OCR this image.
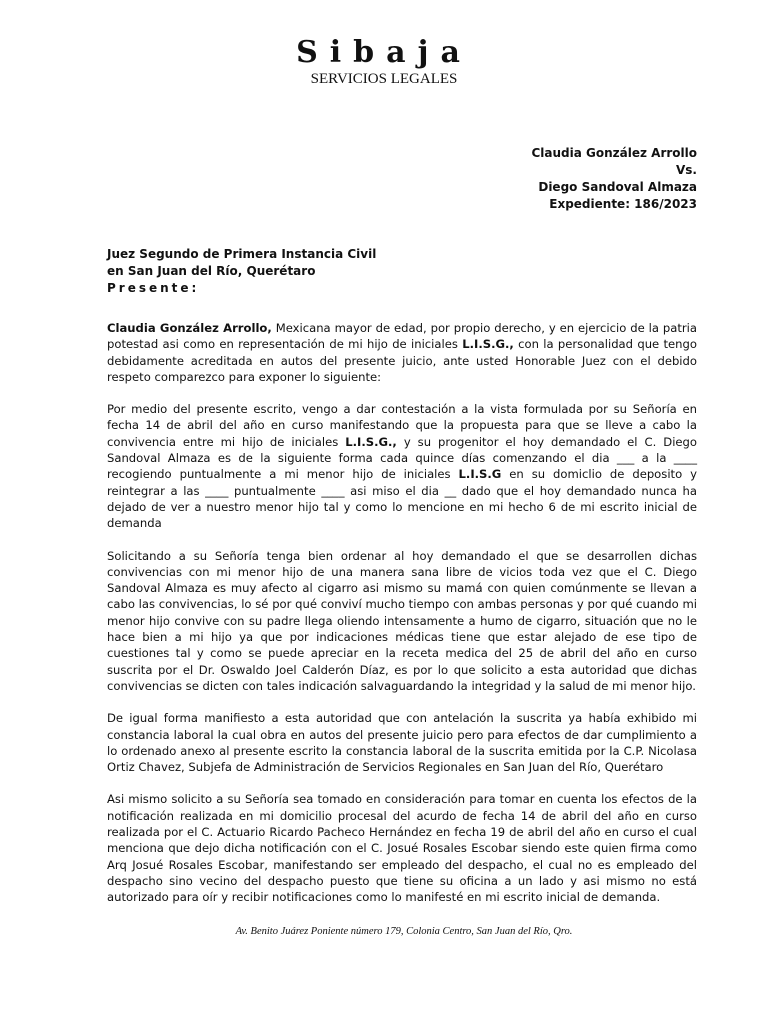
Sibaja
SERVICIOS LEGALES
Claudia González Arrollo
Vs.
Diego Sandoval Almaza
Expediente: 186/2023
Juez Segundo de Primera Instancia Civil
en San Juan del Río, Querétaro
Presente:

Claudia González Arrollo, Mexicana mayor de edad, por propio derecho, y en ejercicio de la patria potestad asi como en representación de mi hijo de iniciales L.I.S.G., con la personalidad que tengo debidamente acreditada en autos del presente juicio, ante usted Honorable Juez con el debido respeto comparezco para exponer lo siguiente:

Por medio del presente escrito, vengo a dar contestación a la vista formulada por su Señoría en fecha 14 de abril del año en curso manifestando que la propuesta para que se lleve a cabo la convivencia entre mi hijo de iniciales L.I.S.G., y su progenitor el hoy demandado el C. Diego Sandoval Almaza es de la siguiente forma cada quince días comenzando el dia ___ a la ____ recogiendo puntualmente a mi menor hijo de iniciales L.I.S.G en su domiclio de deposito y reintegrar a las ____ puntualmente ____ asi miso el dia __ dado que el hoy demandado nunca ha dejado de ver a nuestro menor hijo tal y como lo mencione en mi hecho 6 de mi escrito inicial de demanda

Solicitando a su Señoría tenga bien ordenar al hoy demandado el que se desarrollen dichas convivencias con mi menor hijo de una manera sana libre de vicios toda vez que el C. Diego Sandoval Almaza es muy afecto al cigarro asi mismo su mamá con quien comúnmente se llevan a cabo las convivencias, lo sé por qué conviví mucho tiempo con ambas personas y por qué cuando mi menor hijo convive con su padre llega oliendo intensamente a humo de cigarro, situación que no le hace bien a mi hijo ya que por indicaciones médicas tiene que estar alejado de ese tipo de cuestiones tal y como se puede apreciar en la receta medica del 25 de abril del año en curso suscrita por el Dr. Oswaldo Joel Calderón Díaz, es por lo que solicito a esta autoridad que dichas convivencias se dicten con tales indicación salvaguardando la integridad y la salud de mi menor hijo.

De igual forma manifiesto a esta autoridad que con antelación la suscrita ya había exhibido mi constancia laboral la cual obra en autos del presente juicio pero para efectos de dar cumplimiento a lo ordenado anexo al presente escrito la constancia laboral de la suscrita emitida por la C.P. Nicolasa Ortiz Chavez, Subjefa de Administración de Servicios Regionales en San Juan del Río, Querétaro

Asi mismo solicito a su Señoría sea tomado en consideración para tomar en cuenta los efectos de la notificación realizada en mi domicilio procesal del acurdo de fecha 14 de abril del año en curso realizada por el C. Actuario Ricardo Pacheco Hernández en fecha 19 de abril del año en curso el cual menciona que dejo dicha notificación con el C. Josué Rosales Escobar siendo este quien firma como Arq Josué Rosales Escobar, manifestando ser empleado del despacho, el cual no es empleado del despacho sino vecino del despacho puesto que tiene su oficina a un lado y asi mismo no está autorizado para oír y recibir notificaciones como lo manifesté en mi escrito inicial de demanda.

Av. Benito Juárez Poniente número 179, Colonia Centro, San Juan del Río, Qro.
